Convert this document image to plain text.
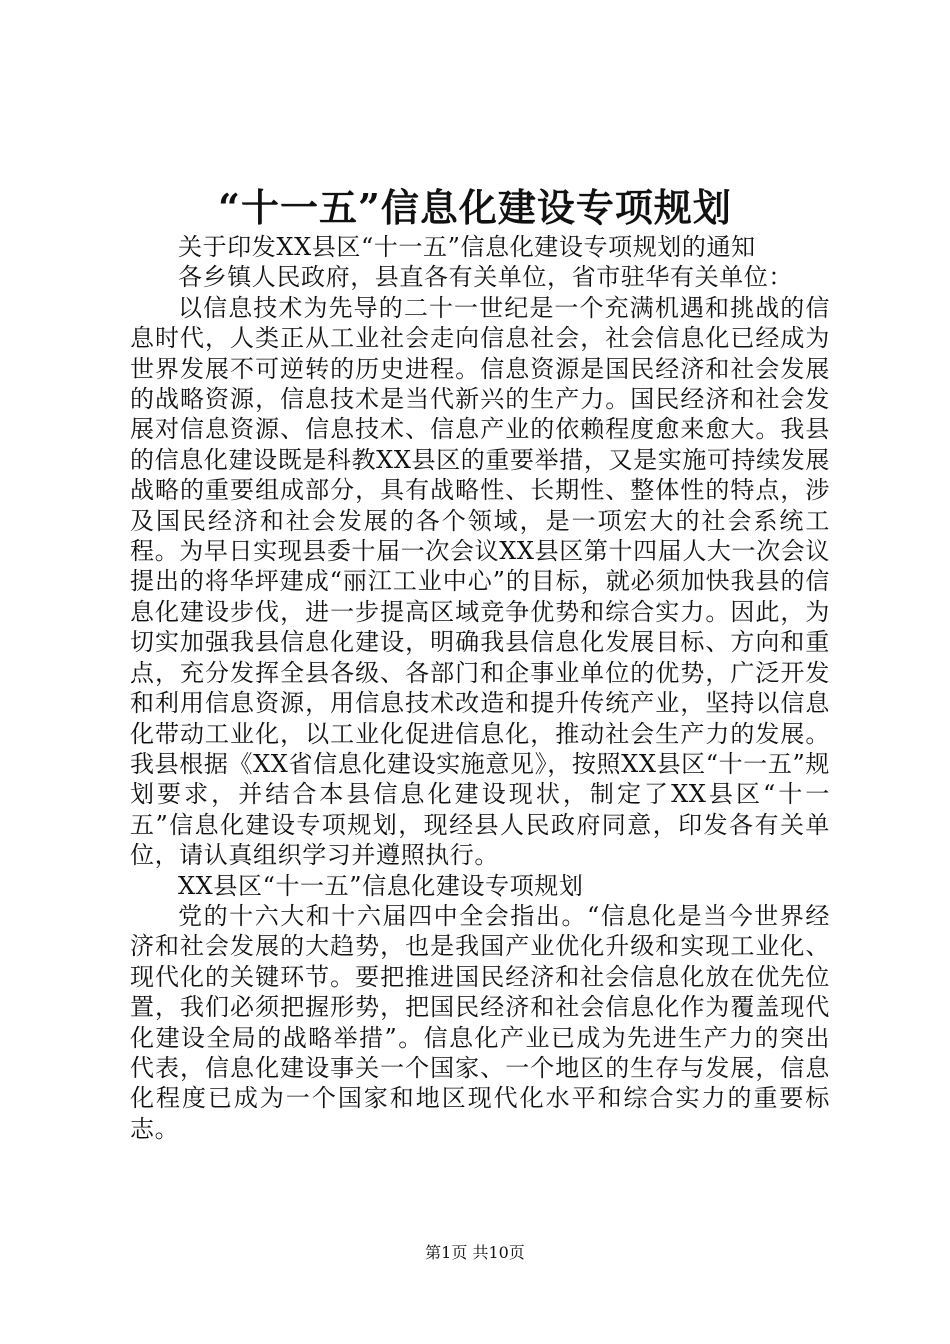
“十一五”信息化建设专项规划

关于印发XX县区“十一五”信息化建设专项规划的通知

各乡镇人民政府，县直各有关单位，省市驻华有关单位：

以信息技术为先导的二十一世纪是一个充满机遇和挑战的信息时代，人类正从工业社会走向信息社会，社会信息化已经成为世界发展不可逆转的历史进程。信息资源是国民经济和社会发展的战略资源，信息技术是当代新兴的生产力。国民经济和社会发展对信息资源、信息技术、信息产业的依赖程度愈来愈大。我县的信息化建设既是科教XX县区的重要举措，又是实施可持续发展战略的重要组成部分，具有战略性、长期性、整体性的特点，涉及国民经济和社会发展的各个领域，是一项宏大的社会系统工程。为早日实现县委十届一次会议XX县区第十四届人大一次会议提出的将华坪建成“丽江工业中心”的目标，就必须加快我县的信息化建设步伐，进一步提高区域竞争优势和综合实力。因此，为切实加强我县信息化建设，明确我县信息化发展目标、方向和重点，充分发挥全县各级、各部门和企事业单位的优势，广泛开发和利用信息资源，用信息技术改造和提升传统产业，坚持以信息化带动工业化，以工业化促进信息化，推动社会生产力的发展。我县根据《XX省信息化建设实施意见》，按照XX县区“十一五”规划要求，并结合本县信息化建设现状，制定了XX县区“十一五”信息化建设专项规划，现经县人民政府同意，印发各有关单位，请认真组织学习并遵照执行。

XX县区“十一五”信息化建设专项规划

党的十六大和十六届四中全会指出。“信息化是当今世界经济和社会发展的大趋势，也是我国产业优化升级和实现工业化、现代化的关键环节。要把推进国民经济和社会信息化放在优先位置，我们必须把握形势，把国民经济和社会信息化作为覆盖现代化建设全局的战略举措”。信息化产业已成为先进生产力的突出代表，信息化建设事关一个国家、一个地区的生存与发展，信息化程度已成为一个国家和地区现代化水平和综合实力的重要标志。

第1页 共10页
